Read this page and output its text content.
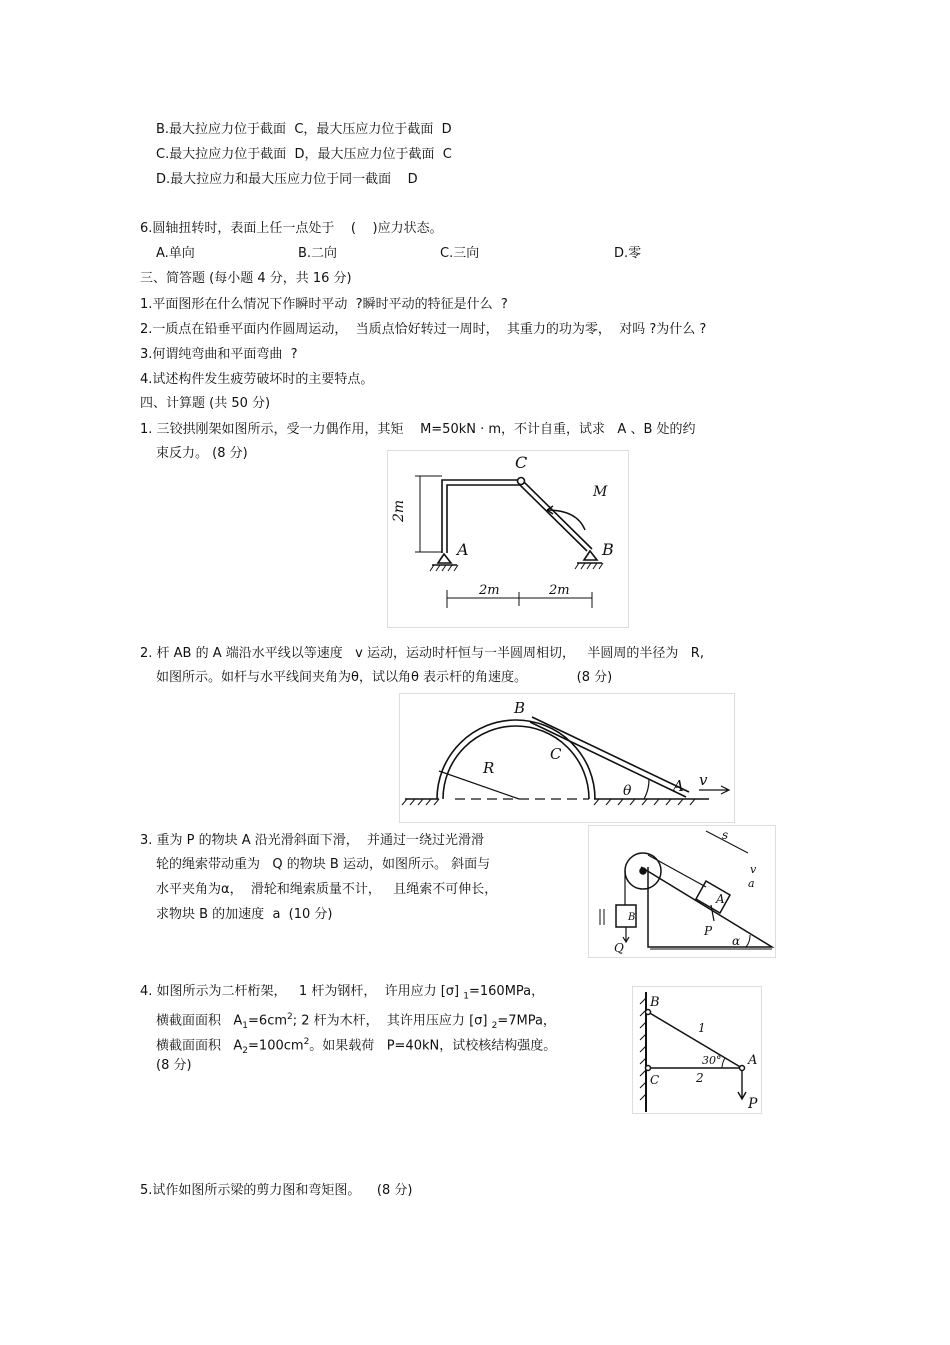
B.最大拉应力位于截面  C，最大压应力位于截面  D
C.最大拉应力位于截面  D，最大压应力位于截面  C
D.最大拉应力和最大压应力位于同一截面    D
6.圆轴扭转时，表面上任一点处于    (    )应力状态。
A.单向	B.二向	C.三向	D.零
三、简答题 (每小题 4 分，共 16 分)
1.平面图形在什么情况下作瞬时平动  ?瞬时平动的特征是什么  ?
2.一质点在铅垂平面内作圆周运动，  当质点恰好转过一周时，  其重力的功为零，  对吗 ?为什么 ?
3.何谓纯弯曲和平面弯曲  ?
4.试述构件发生疲劳破坏时的主要特点。
四、计算题 (共 50 分)
1. 三铰拱刚架如图所示，受一力偶作用，其矩    M=50kN · m，不计自重，试求   A 、B 处的约
束反力。 (8 分)	C
M
A	B
2m
2m	2m
2. 杆 AB 的 A 端沿水平线以等速度   v 运动，运动时杆恒与一半圆周相切，   半圆周的半径为   R,
如图所示。如杆与水平线间夹角为θ，试以角θ 表示杆的角速度。            (8 分)
B
C
R
θ	A v
3. 重为 P 的物块 A 沿光滑斜面下滑，  并通过一绕过光滑滑
轮的绳索带动重为   Q 的物块 B 运动，如图所示。 斜面与
水平夹角为α，  滑轮和绳索质量不计，   且绳索不可伸长，
求物块 B 的加速度  a  (10 分)
s
v
a
A
B
P
Q	α
4. 如图所示为二杆桁架，   1 杆为钢杆，  许用应力 [σ] $_1$=160MPa，
横截面面积   $A_1=6cm^2$; 2 杆为木杆，  其许用压应力 [σ] $_2$=7MPa，
横截面面积   $A_2=100cm^2$。如果载荷   P=40kN，试校核结构强度。
(8 分)
B
C
A
1
2
30°
P
5.试作如图所示梁的剪力图和弯矩图。    (8 分)
